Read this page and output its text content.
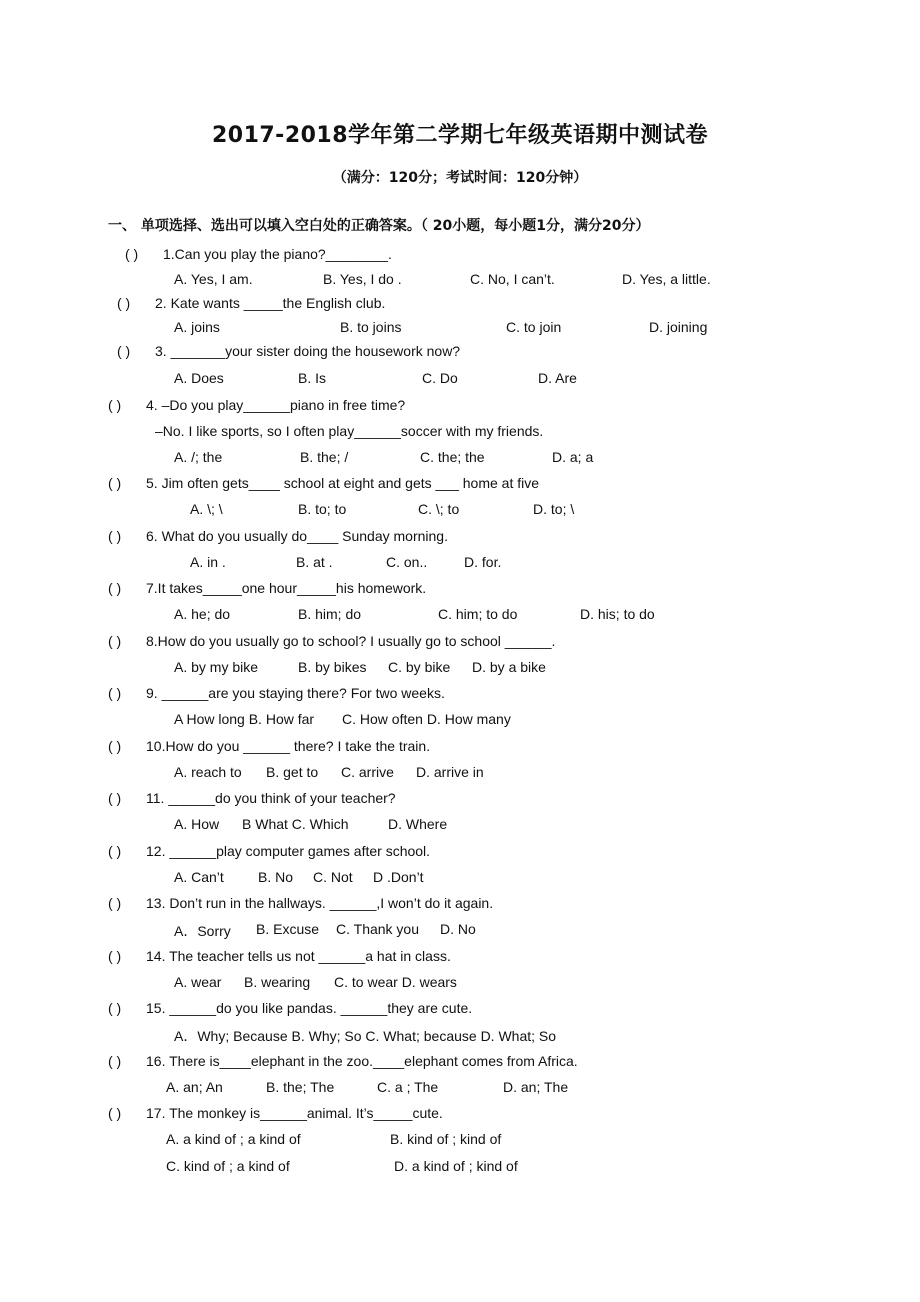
2017-2018学年第二学期七年级英语期中测试卷
（满分：120分；考试时间：120分钟）
一、 单项选择、选出可以填入空白处的正确答案。（ 20小题，每小题1分，满分20分）
( ) 1.Can you play the piano?________.
A. Yes, I am.	B. Yes, I do .	C. No, I can’t.	D. Yes, a little.
( ) 2. Kate wants _____the English club.
A. joins	B. to joins	C. to join	D. joining
( ) 3. _______your sister doing the housework now?
A. Does	B. Is	C. Do	D. Are
( ) 4. –Do you play______piano in free time?
–No. I like sports, so I often play______soccer with my friends.
A. /; the	B. the; /	C. the; the	D. a; a
( ) 5. Jim often gets____ school at eight and gets ___ home at five
A. \; \	B. to; to	C. \; to	D. to; \
( ) 6. What do you usually do____ Sunday morning.
A. in .	B. at .	C. on..	D. for.
( ) 7.It takes_____one hour_____his homework.
A. he; do	B. him; do	C. him; to do	D. his; to do
( ) 8.How do you usually go to school? I usually go to school ______.
A. by my bike	B. by bikes C. by bike D. by a bike
( ) 9. ______are you staying there? For two weeks.
A How long B. How far C. How often D. How many
( ) 10.How do you ______ there? I take the train.
A. reach to B. get to C. arrive D. arrive in
( ) 11. ______do you think of your teacher?
A. How B What C. Which	D. Where
( ) 12. ______play computer games after school.
A. Can’t B. No C. Not D .Don’t
( ) 13. Don’t run in the hallways. ______,I won’t do it again.
A．Sorry B. Excuse C. Thank you D. No
( ) 14. The teacher tells us not ______a hat in class.
A. wear B. wearing C. to wear D. wears
( ) 15. ______do you like pandas. ______they are cute.
A．Why; Because B. Why; So C. What; because D. What; So
( ) 16. There is____elephant in the zoo.____elephant comes from Africa.
A. an; An	B. the; The	C. a ; The	D. an; The
( ) 17. The monkey is______animal. It’s_____cute.
A. a kind of ; a kind of	B. kind of ; kind of
C. kind of ; a kind of	D. a kind of ; kind of
